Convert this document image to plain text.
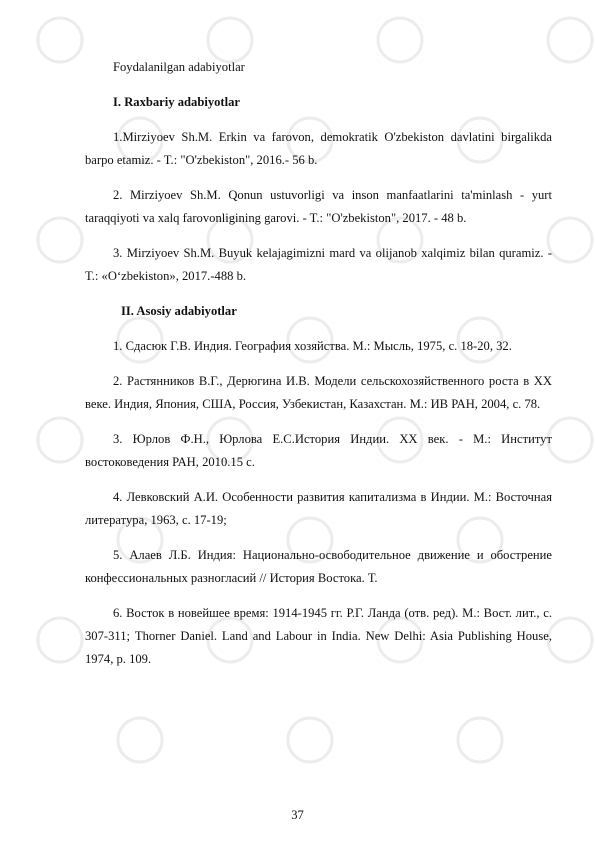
Foydalanilgan adabiyotlar

I. Raxbariy adabiyotlar

1.Mirziyoev Sh.M. Erkin va farovon, demokratik O'zbekiston davlatini birgalikda barpo etamiz. - T.: "O'zbekiston", 2016.- 56 b.

2. Mirziyoev Sh.M. Qonun ustuvorligi va inson manfaatlarini ta'minlash - yurt taraqqiyoti va xalq farovonligining garovi. - T.: "O'zbekiston", 2017. - 48 b.

3. Mirziyoev Sh.M. Buyuk kelajagimizni mard va olijanob xalqimiz bilan quramiz. - T.: «O‘zbekiston», 2017.-488 b.

II. Asosiy adabiyotlar

1. Сдасюк Г.В. Индия. География хозяйства. М.: Мысль, 1975, с. 18-20, 32.

2. Растянников В.Г., Дерюгина И.В. Модели сельскохозяйственного роста в XX веке. Индия, Япония, США, Россия, Узбекистан, Казахстан. М.: ИВ РАН, 2004, с. 78.

3. Юрлов Ф.Н., Юрлова Е.С.История Индии. XX век. - М.: Институт востоковедения РАН, 2010.15 с.

4. Левковский А.И. Особенности развития капитализма в Индии. М.: Восточная литература, 1963, с. 17-19;

5. Алаев Л.Б. Индия: Национально-освободительное движение и обострение конфессиональных разногласий // История Востока. Т.

6. Восток в новейшее время: 1914-1945 гг. Р.Г. Ланда (отв. ред). М.: Вост. лит., с. 307-311; Thorner Daniel. Land and Labour in India. New Delhi: Asia Publishing House, 1974, p. 109.

37
